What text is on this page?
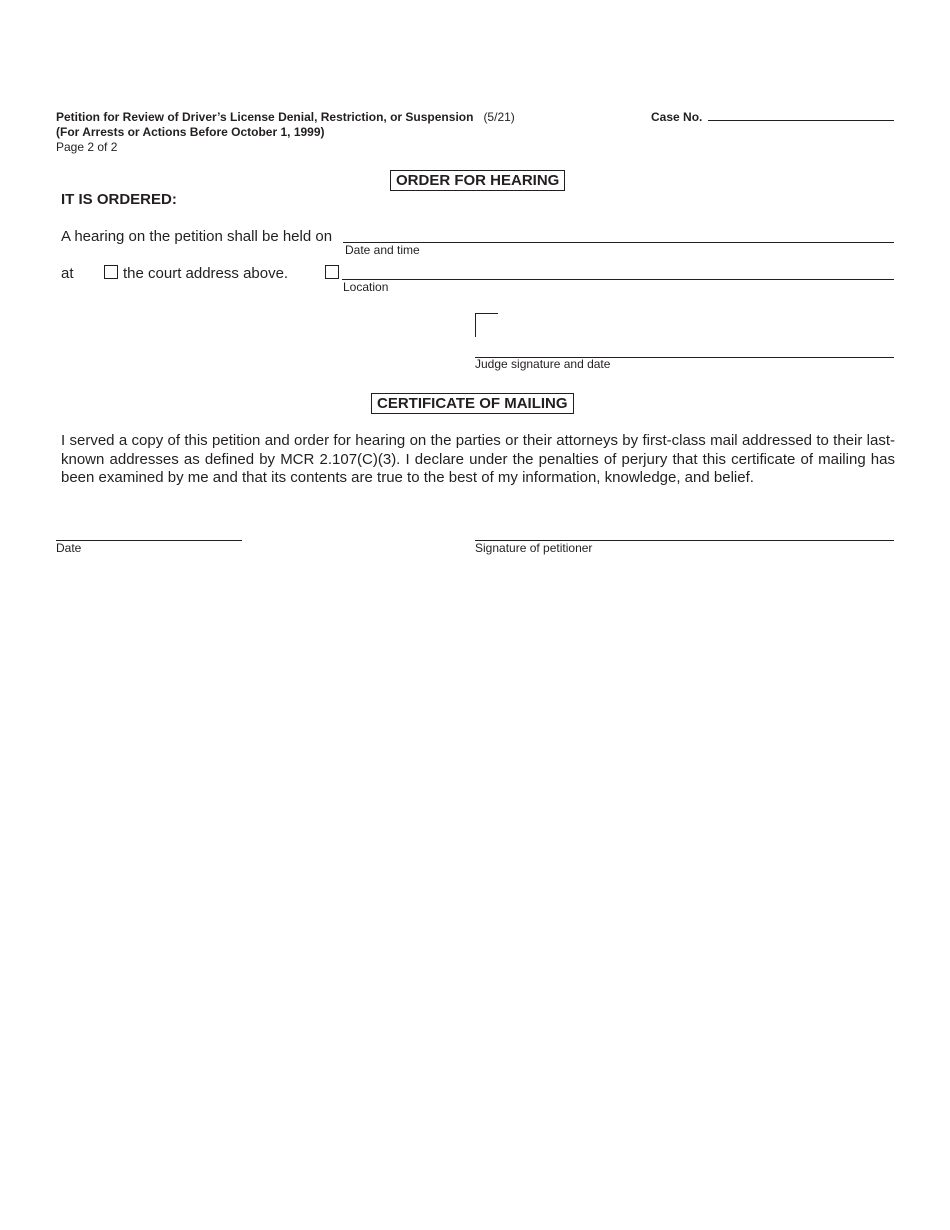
Petition for Review of Driver’s License Denial, Restriction, or Suspension (5/21)
(For Arrests or Actions Before October 1, 1999)
Page 2 of 2
Case No.
ORDER FOR HEARING
IT IS ORDERED:
A hearing on the petition shall be held on
Date and time
at	the court address above.
Location
Judge signature and date
CERTIFICATE OF MAILING
I served a copy of this petition and order for hearing on the parties or their attorneys by first-class mail addressed to their last-known addresses as defined by MCR 2.107(C)(3). I declare under the penalties of perjury that this certificate of mailing has been examined by me and that its contents are true to the best of my information, knowledge, and belief.
Date	Signature of petitioner
